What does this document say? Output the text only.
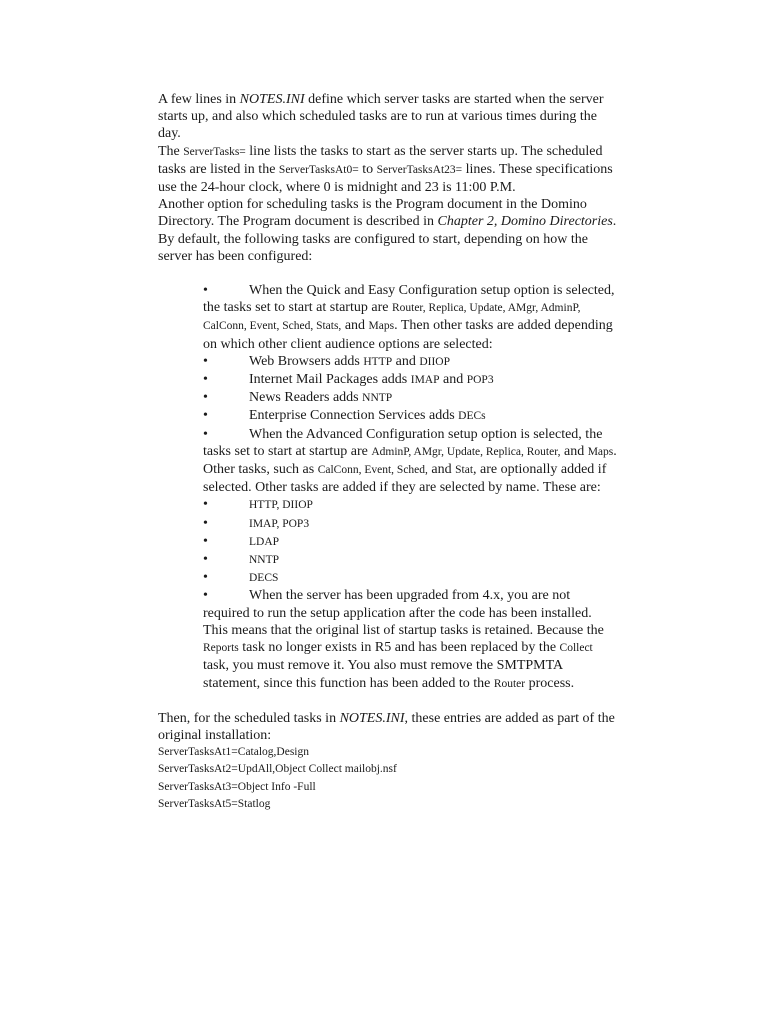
A few lines in NOTES.INI define which server tasks are started when the server starts up, and also which scheduled tasks are to run at various times during the day.

The ServerTasks= line lists the tasks to start as the server starts up. The scheduled tasks are listed in the ServerTasksAt0= to ServerTasksAt23= lines. These specifications use the 24-hour clock, where 0 is midnight and 23 is 11:00 P.M.

Another option for scheduling tasks is the Program document in the Domino Directory. The Program document is described in Chapter 2, Domino Directories.

By default, the following tasks are configured to start, depending on how the server has been configured:

•	When the Quick and Easy Configuration setup option is selected, the tasks set to start at startup are Router, Replica, Update, AMgr, AdminP, CalConn, Event, Sched, Stats, and Maps. Then other tasks are added depending on which other client audience options are selected:
•	Web Browsers adds HTTP and DIIOP
•	Internet Mail Packages adds IMAP and POP3
•	News Readers adds NNTP
•	Enterprise Connection Services adds DECs
•	When the Advanced Configuration setup option is selected, the tasks set to start at startup are AdminP, AMgr, Update, Replica, Router, and Maps. Other tasks, such as CalConn, Event, Sched, and Stat, are optionally added if selected. Other tasks are added if they are selected by name. These are:
•	HTTP, DIIOP
•	IMAP, POP3
•	LDAP
•	NNTP
•	DECS
•	When the server has been upgraded from 4.x, you are not required to run the setup application after the code has been installed. This means that the original list of startup tasks is retained. Because the Reports task no longer exists in R5 and has been replaced by the Collect task, you must remove it. You also must remove the SMTPMTA statement, since this function has been added to the Router process.

Then, for the scheduled tasks in NOTES.INI, these entries are added as part of the original installation:

ServerTasksAt1=Catalog,Design
ServerTasksAt2=UpdAll,Object Collect mailobj.nsf
ServerTasksAt3=Object Info -Full
ServerTasksAt5=Statlog
